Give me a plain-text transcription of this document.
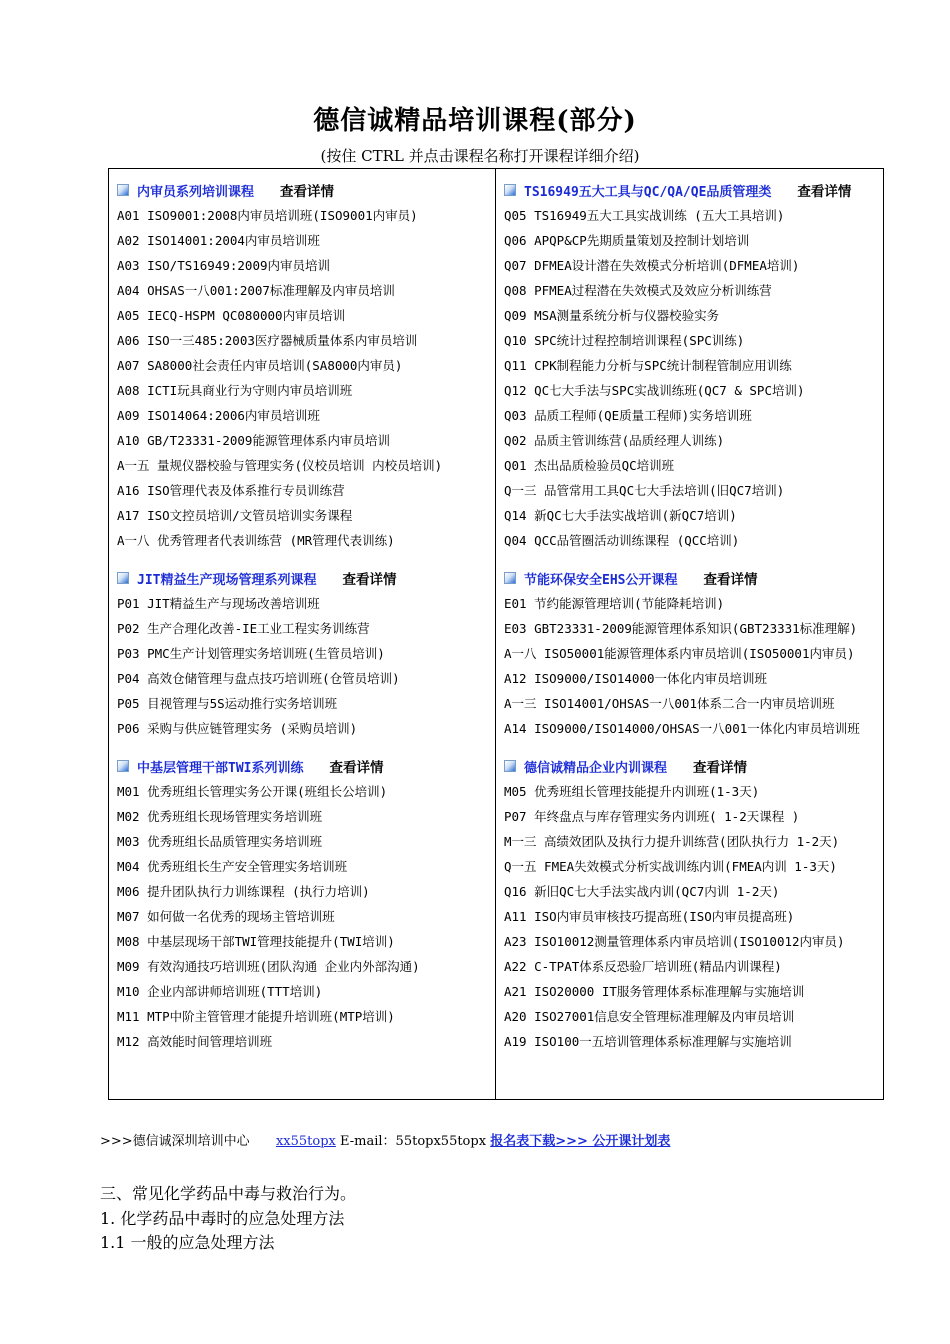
德信诚精品培训课程(部分)
(按住 CTRL 并点击课程名称打开课程详细介绍)
内审员系列培训课程 查看详情
A01 ISO9001:2008内审员培训班(ISO9001内审员)
A02 ISO14001:2004内审员培训班
A03 ISO/TS16949:2009内审员培训
A04 OHSAS一八001:2007标准理解及内审员培训
A05 IECQ-HSPM QC080000内审员培训
A06 ISO一三485:2003医疗器械质量体系内审员培训
A07 SA8000社会责任内审员培训(SA8000内审员)
A08 ICTI玩具商业行为守则内审员培训班
A09 ISO14064:2006内审员培训班
A10 GB/T23331-2009能源管理体系内审员培训
A一五 量规仪器校验与管理实务(仪校员培训 内校员培训)
A16 ISO管理代表及体系推行专员训练营
A17 ISO文控员培训/文管员培训实务课程
A一八 优秀管理者代表训练营 (MR管理代表训练)
JIT精益生产现场管理系列课程 查看详情
P01 JIT精益生产与现场改善培训班
P02 生产合理化改善-IE工业工程实务训练营
P03 PMC生产计划管理实务培训班(生管员培训)
P04 高效仓储管理与盘点技巧培训班(仓管员培训)
P05 目视管理与5S运动推行实务培训班
P06 采购与供应链管理实务 (采购员培训)
中基层管理干部TWI系列训练 查看详情
M01 优秀班组长管理实务公开课(班组长公培训)
M02 优秀班组长现场管理实务培训班
M03 优秀班组长品质管理实务培训班
M04 优秀班组长生产安全管理实务培训班
M06 提升团队执行力训练课程 (执行力培训)
M07 如何做一名优秀的现场主管培训班
M08 中基层现场干部TWI管理技能提升(TWI培训)
M09 有效沟通技巧培训班(团队沟通 企业内外部沟通)
M10 企业内部讲师培训班(TTT培训)
M11 MTP中阶主管管理才能提升培训班(MTP培训)
M12 高效能时间管理培训班
TS16949五大工具与QC/QA/QE品质管理类 查看详情
Q05 TS16949五大工具实战训练 (五大工具培训)
Q06 APQP&CP先期质量策划及控制计划培训
Q07 DFMEA设计潜在失效模式分析培训(DFMEA培训)
Q08 PFMEA过程潜在失效模式及效应分析训练营
Q09 MSA测量系统分析与仪器校验实务
Q10 SPC统计过程控制培训课程(SPC训练)
Q11 CPK制程能力分析与SPC统计制程管制应用训练
Q12 QC七大手法与SPC实战训练班(QC7 & SPC培训)
Q03 品质工程师(QE质量工程师)实务培训班
Q02 品质主管训练营(品质经理人训练)
Q01 杰出品质检验员QC培训班
Q一三 品管常用工具QC七大手法培训(旧QC7培训)
Q14 新QC七大手法实战培训(新QC7培训)
Q04 QCC品管圈活动训练课程 (QCC培训)
节能环保安全EHS公开课程 查看详情
E01 节约能源管理培训(节能降耗培训)
E03 GBT23331-2009能源管理体系知识(GBT23331标准理解)
A一八 ISO50001能源管理体系内审员培训(ISO50001内审员)
A12 ISO9000/ISO14000一体化内审员培训班
A一三 ISO14001/OHSAS一八001体系二合一内审员培训班
A14 ISO9000/ISO14000/OHSAS一八001一体化内审员培训班
德信诚精品企业内训课程 查看详情
M05 优秀班组长管理技能提升内训班(1-3天)
P07 年终盘点与库存管理实务内训班( 1-2天课程 )
M一三 高绩效团队及执行力提升训练营(团队执行力 1-2天)
Q一五 FMEA失效模式分析实战训练内训(FMEA内训 1-3天)
Q16 新旧QC七大手法实战内训(QC7内训 1-2天)
A11 ISO内审员审核技巧提高班(ISO内审员提高班)
A23 ISO10012测量管理体系内审员培训(ISO10012内审员)
A22 C-TPAT体系反恐验厂培训班(精品内训课程)
A21 ISO20000 IT服务管理体系标准理解与实施培训
A20 ISO27001信息安全管理标准理解及内审员培训
A19 ISO100一五培训管理体系标准理解与实施培训
>>>德信诚深圳培训中心 xx55topx E-mail：55topx55topx 报名表下载>>> 公开课计划表
三、常见化学药品中毒与救治行为。
1. 化学药品中毒时的应急处理方法
1.1 一般的应急处理方法
